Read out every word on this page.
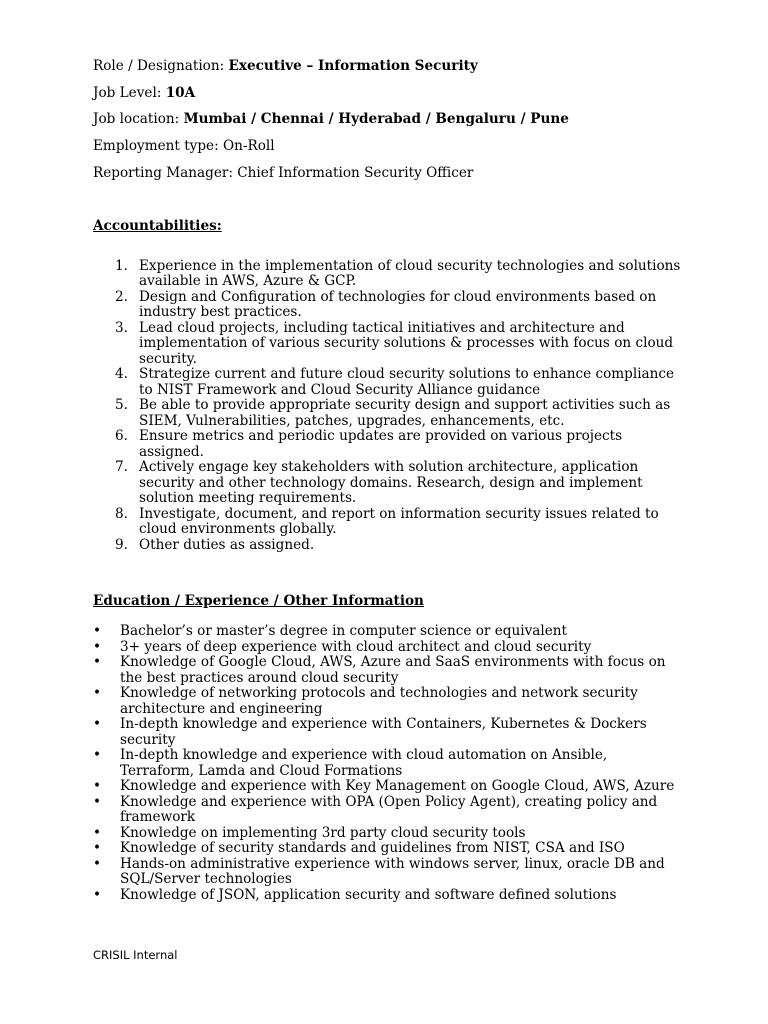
Role / Designation: Executive – Information Security
Job Level: 10A
Job location: Mumbai / Chennai / Hyderabad / Bengaluru / Pune
Employment type: On-Roll
Reporting Manager: Chief Information Security Officer
Accountabilities:
1. Experience in the implementation of cloud security technologies and solutions available in AWS, Azure & GCP.
2. Design and Configuration of technologies for cloud environments based on industry best practices.
3. Lead cloud projects, including tactical initiatives and architecture and implementation of various security solutions & processes with focus on cloud security.
4. Strategize current and future cloud security solutions to enhance compliance to NIST Framework and Cloud Security Alliance guidance
5. Be able to provide appropriate security design and support activities such as SIEM, Vulnerabilities, patches, upgrades, enhancements, etc.
6. Ensure metrics and periodic updates are provided on various projects assigned.
7. Actively engage key stakeholders with solution architecture, application security and other technology domains. Research, design and implement solution meeting requirements.
8. Investigate, document, and report on information security issues related to cloud environments globally.
9. Other duties as assigned.
Education / Experience / Other Information
• Bachelor’s or master’s degree in computer science or equivalent
• 3+ years of deep experience with cloud architect and cloud security
• Knowledge of Google Cloud, AWS, Azure and SaaS environments with focus on the best practices around cloud security
• Knowledge of networking protocols and technologies and network security architecture and engineering
• In-depth knowledge and experience with Containers, Kubernetes & Dockers security
• In-depth knowledge and experience with cloud automation on Ansible, Terraform, Lamda and Cloud Formations
• Knowledge and experience with Key Management on Google Cloud, AWS, Azure
• Knowledge and experience with OPA (Open Policy Agent), creating policy and framework
• Knowledge on implementing 3rd party cloud security tools
• Knowledge of security standards and guidelines from NIST, CSA and ISO
• Hands-on administrative experience with windows server, linux, oracle DB and SQL/Server technologies
• Knowledge of JSON, application security and software defined solutions
CRISIL Internal
